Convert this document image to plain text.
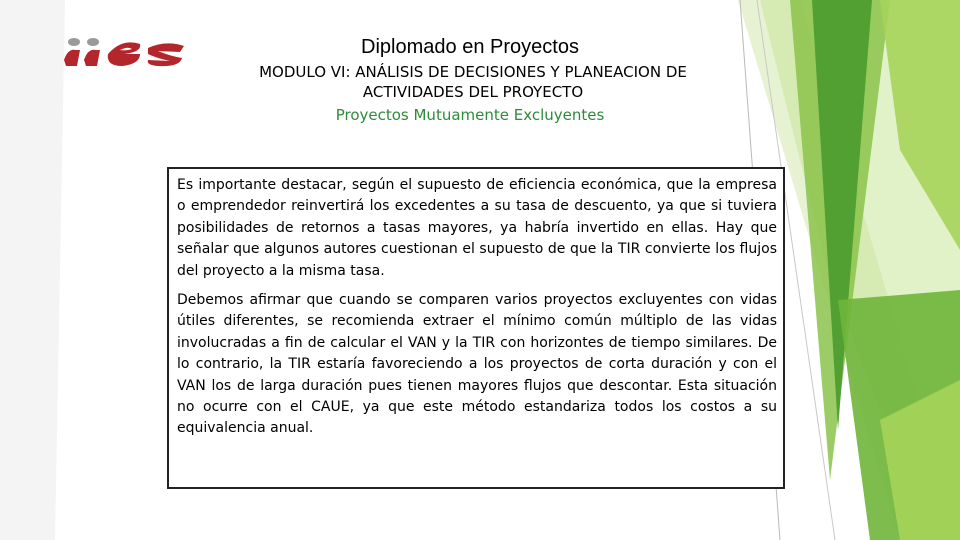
Diplomado en Proyectos
MODULO VI: ANÁLISIS DE DECISIONES Y PLANEACION DE ACTIVIDADES DEL PROYECTO
Proyectos Mutuamente Excluyentes
Es importante destacar, según el supuesto de eficiencia económica, que la empresa o emprendedor reinvertirá los excedentes a su tasa de descuento, ya que si tuviera posibilidades de retornos a tasas mayores, ya habría invertido en ellas. Hay que señalar que algunos autores cuestionan el supuesto de que la TIR convierte los flujos del proyecto a la misma tasa.
Debemos afirmar que cuando se comparen varios proyectos excluyentes con vidas útiles diferentes, se recomienda extraer el mínimo común múltiplo de las vidas involucradas a fin de calcular el VAN y la TIR con horizontes de tiempo similares. De lo contrario, la TIR estaría favoreciendo a los proyectos de corta duración y con el VAN los de larga duración pues tienen mayores flujos que descontar. Esta situación no ocurre con el CAUE, ya que este método estandariza todos los costos a su equivalencia anual.
